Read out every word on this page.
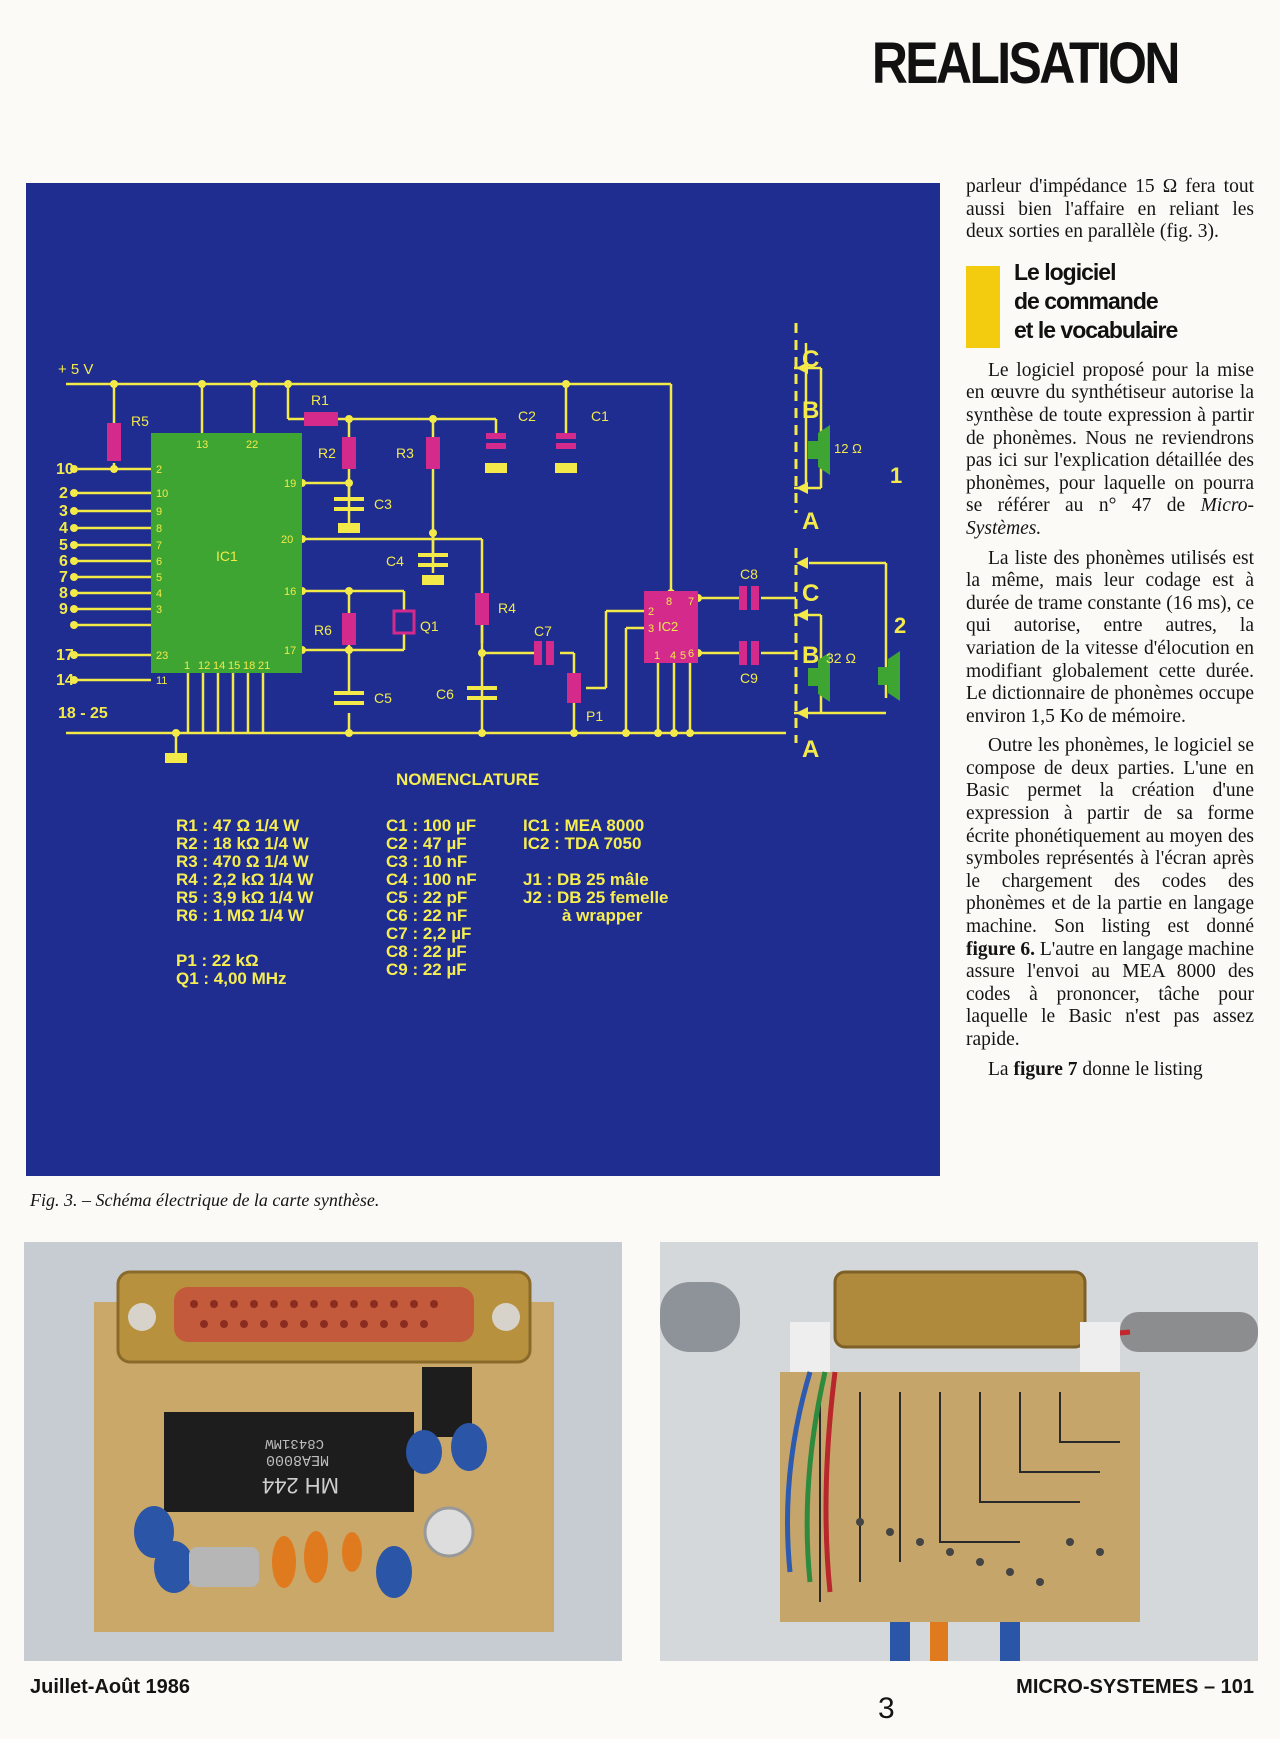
REALISATION
+ 5 V
R5
R1
R2	R3
R4
R6
C1
C2
C3
C4
C5	C6
C7
C8
C9
Q1
P1
IC1
IC2
10
2
3
4
5
6
7
8
9
17
14
18 - 25
13	22
19
20
16
17
2
10
9
8
7
6
5
4
3
23
11
1 12 14 15 18 21
8 7
2
3
6
1 4 5
C
B
A
C
B
A
12 Ω
1
32 Ω
2
NOMENCLATURE
R1 : 47 Ω 1/4 W
R2 : 18 kΩ 1/4 W
R3 : 470 Ω 1/4 W
R4 : 2,2 kΩ 1/4 W
R5 : 3,9 kΩ 1/4 W
R6 : 1 MΩ 1/4 W
P1 : 22 kΩ
Q1 : 4,00 MHz
C1 : 100 µF
C2 : 47 µF
C3 : 10 nF
C4 : 100 nF
C5 : 22 pF
C6 : 22 nF
C7 : 2,2 µF
C8 : 22 µF
C9 : 22 µF
IC1 : MEA 8000
IC2 : TDA 7050
J1 : DB 25 mâle
J2 : DB 25 femelle
à wrapper
Fig. 3. – Schéma électrique de la carte synthèse.

parleur d'impédance 15 Ω fera tout aussi bien l'affaire en reliant les deux sorties en parallèle (fig. 3).

Le logiciel
de commande
et le vocabulaire

Le logiciel proposé pour la mise en œuvre du synthétiseur autorise la synthèse de toute expression à partir de phonèmes. Nous ne reviendrons pas ici sur l'explication détaillée des phonèmes, pour laquelle on pourra se référer au n° 47 de Micro-Systèmes.

La liste des phonèmes utilisés est la même, mais leur codage est à durée de trame constante (16 ms), ce qui autorise, entre autres, la variation de la vitesse d'élocution en modifiant globalement cette durée. Le dictionnaire de phonèmes occupe environ 1,5 Ko de mémoire.

Outre les phonèmes, le logiciel se compose de deux parties. L'une en Basic permet la création d'une expression à partir de sa forme écrite phonétiquement au moyen des symboles représentés à l'écran après le chargement des codes des phonèmes et de la partie en langage machine. Son listing est donné figure 6. L'autre en langage machine assure l'envoi au MEA 8000 des codes à prononcer, tâche pour laquelle le Basic n'est pas assez rapide.

La figure 7 donne le listing

C8431MW
MEA8000
MH 244
Juillet-Août 1986
3
MICRO-SYSTEMES – 101
